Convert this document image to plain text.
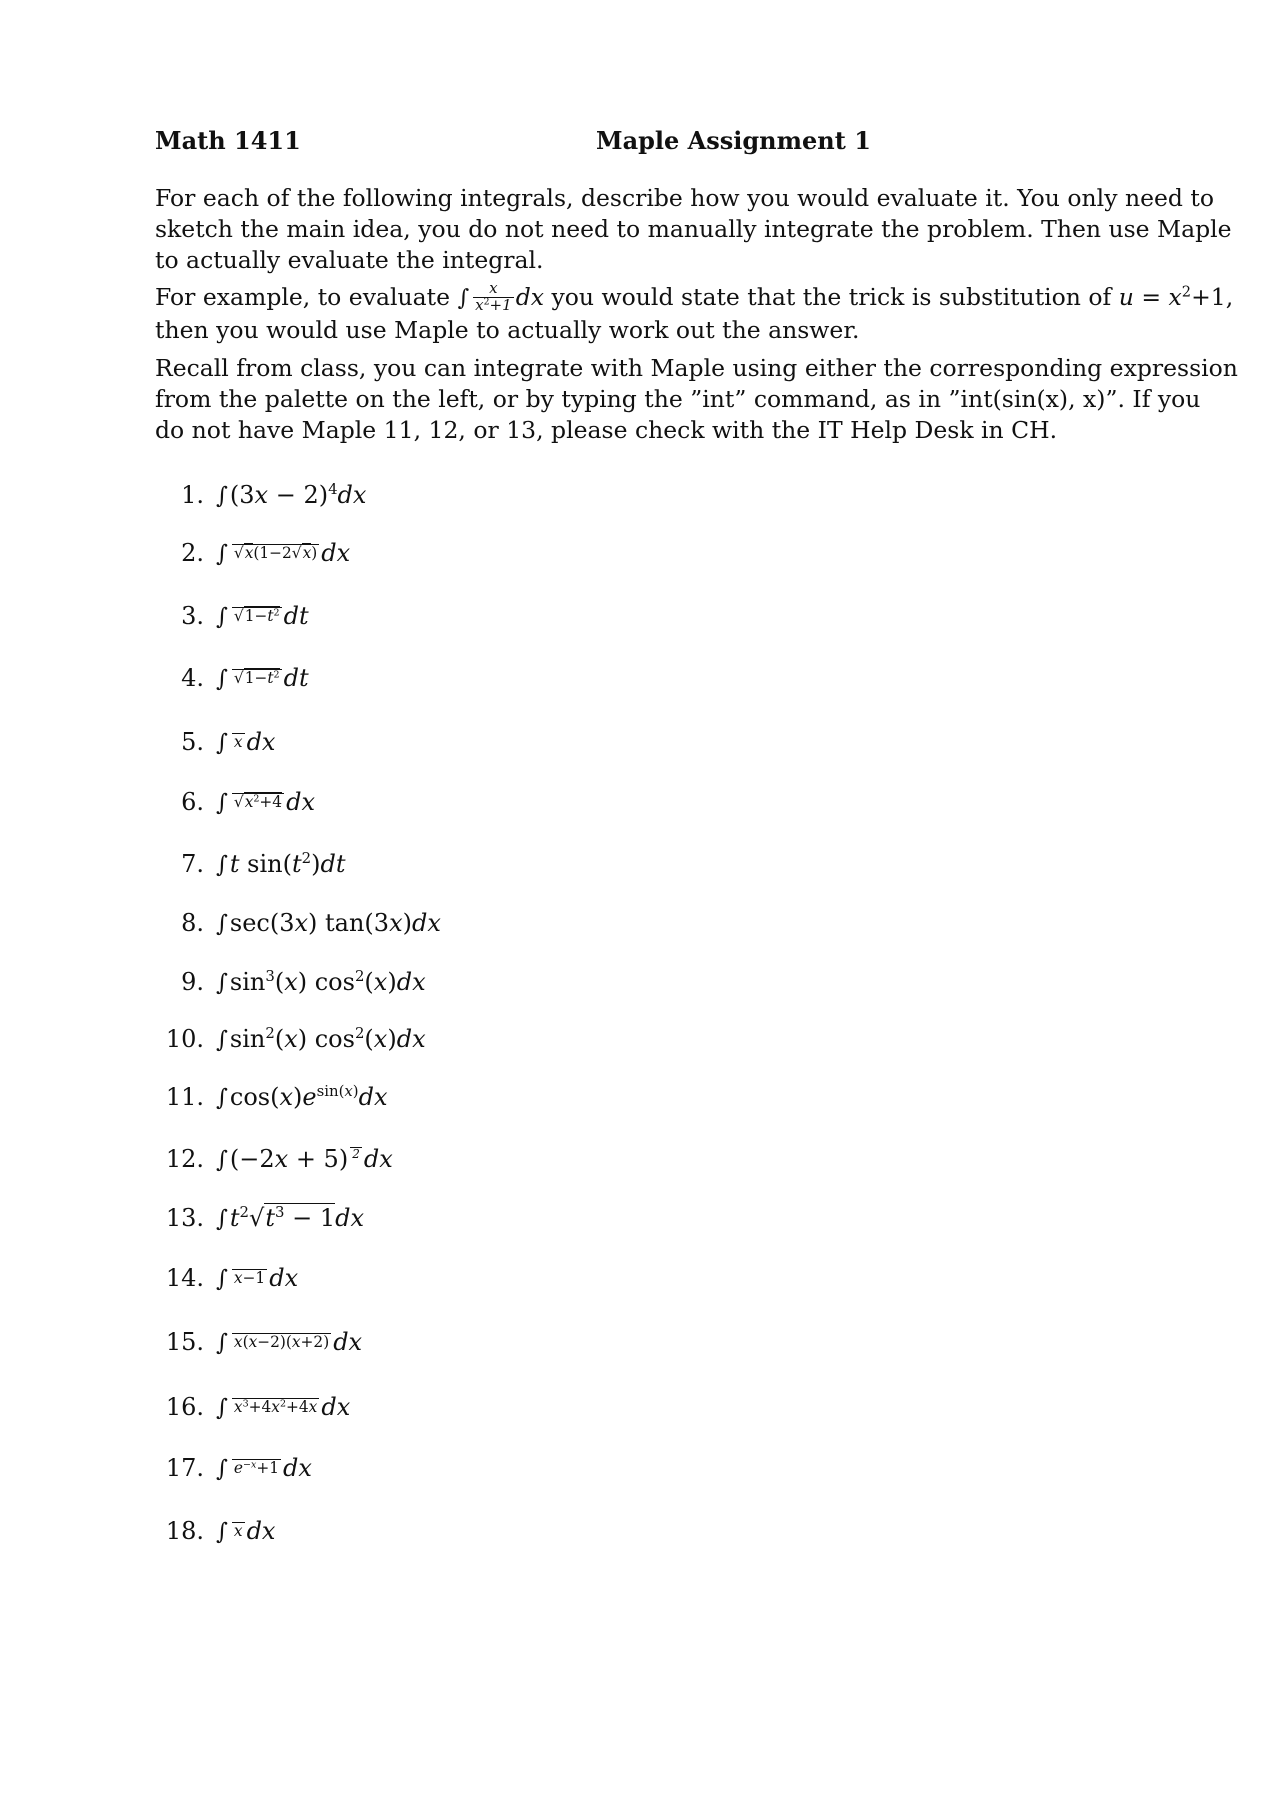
Math 1411	Maple Assignment 1
For each of the following integrals, describe how you would evaluate it. You only need to
sketch the main idea, you do not need to manually integrate the problem. Then use Maple
to actually evaluate the integral.
For example, to evaluate ∫ $\frac{x}{x^2+1}$ dx you would state that the trick is substitution of $u = x^2+1$,
then you would use Maple to actually work out the answer.
Recall from class, you can integrate with Maple using either the corresponding expression
from the palette on the left, or by typing the ”int” command, as in ”int(sin(x), x)”. If you
do not have Maple 11, 12, or 13, please check with the IT Help Desk in CH.
1. $\int(3x - 2)^4dx$
2. ∫ √x(1−2√x) dx
3. ∫ $√1-t^2$ dt
4. ∫ $√1-t^2$ dt
5. ∫ x dx
6. ∫ $√x^2+4$ dx
7. ∫t $\sin(t^2)dt$
8. ∫sec(3x) tan(3x)dx
9. $\int\sin^3(x)$ $\cos^2(x)dx$
10. $\int\sin^2(x)$ $\cos^2(x)dx$
11. $\int\cos(x)e^{sin(x)}dx$
12. ∫(−2x + 5) 2 dx
13. $\int t^2√t^3 - 1dx$
14. ∫ x−1 dx
15. ∫ x(x−2)(x+2) dx
16. ∫ $x^3+4x^2+4x$ dx
17. ∫ $e^{-x}+1$ dx
18. ∫ x dx
